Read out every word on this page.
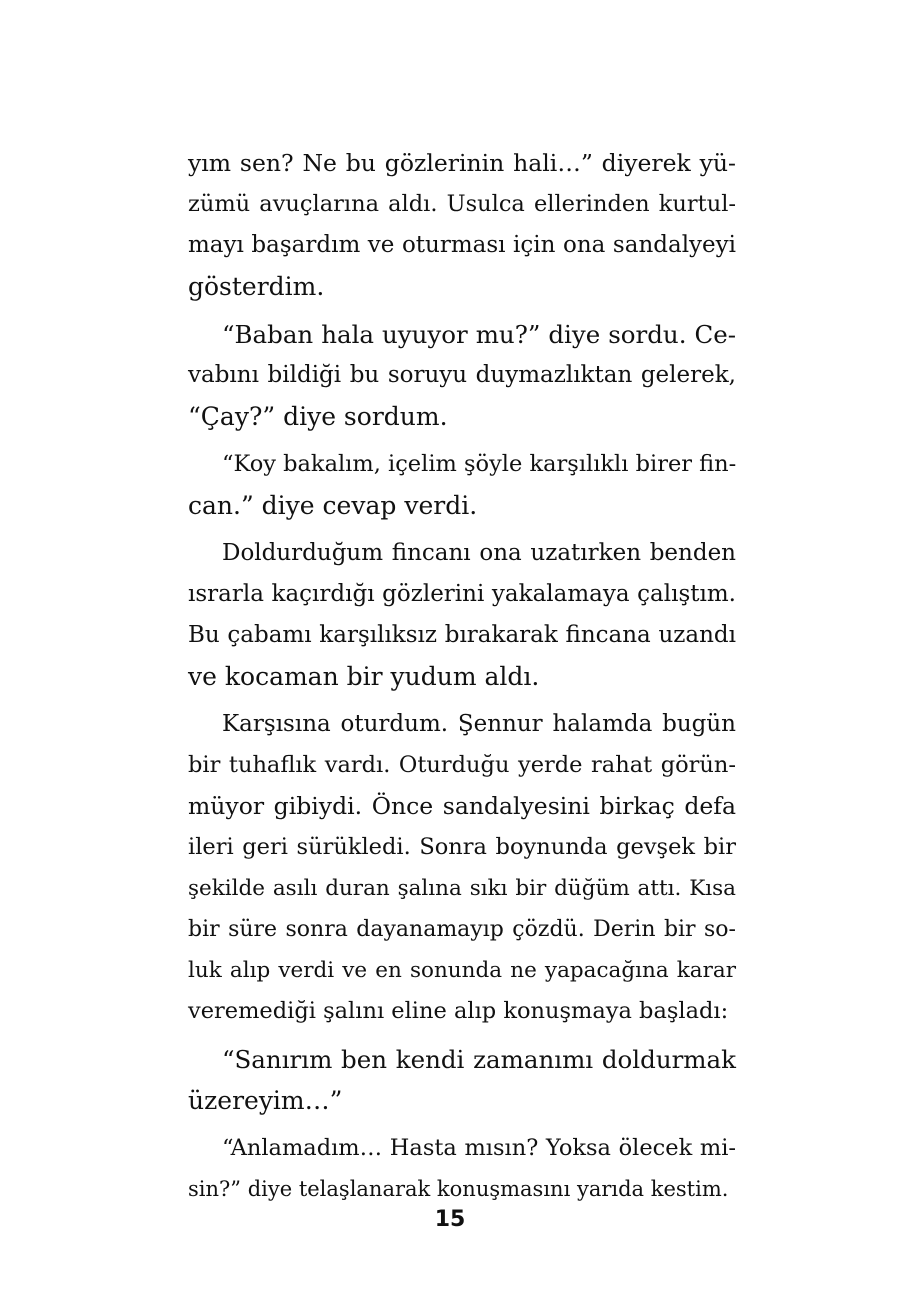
yım sen? Ne bu gözlerinin hali…” diyerek yü-
zümü avuçlarına aldı. Usulca ellerinden kurtul-
mayı başardım ve oturması için ona sandalyeyi
gösterdim.
“Baban hala uyuyor mu?” diye sordu. Ce-
vabını bildiği bu soruyu duymazlıktan gelerek,
“Çay?” diye sordum.
“Koy bakalım, içelim şöyle karşılıklı birer fin-
can.” diye cevap verdi.
Doldurduğum fincanı ona uzatırken benden
ısrarla kaçırdığı gözlerini yakalamaya çalıştım.
Bu çabamı karşılıksız bırakarak fincana uzandı
ve kocaman bir yudum aldı.
Karşısına oturdum. Şennur halamda bugün
bir tuhaflık vardı. Oturduğu yerde rahat görün-
müyor gibiydi. Önce sandalyesini birkaç defa
ileri geri sürükledi. Sonra boynunda gevşek bir
şekilde asılı duran şalına sıkı bir düğüm attı. Kısa
bir süre sonra dayanamayıp çözdü. Derin bir so-
luk alıp verdi ve en sonunda ne yapacağına karar
veremediği şalını eline alıp konuşmaya başladı:
“Sanırım ben kendi zamanımı doldurmak
üzereyim…”
“Anlamadım… Hasta mısın? Yoksa ölecek mi-
sin?” diye telaşlanarak konuşmasını yarıda kestim.
15
